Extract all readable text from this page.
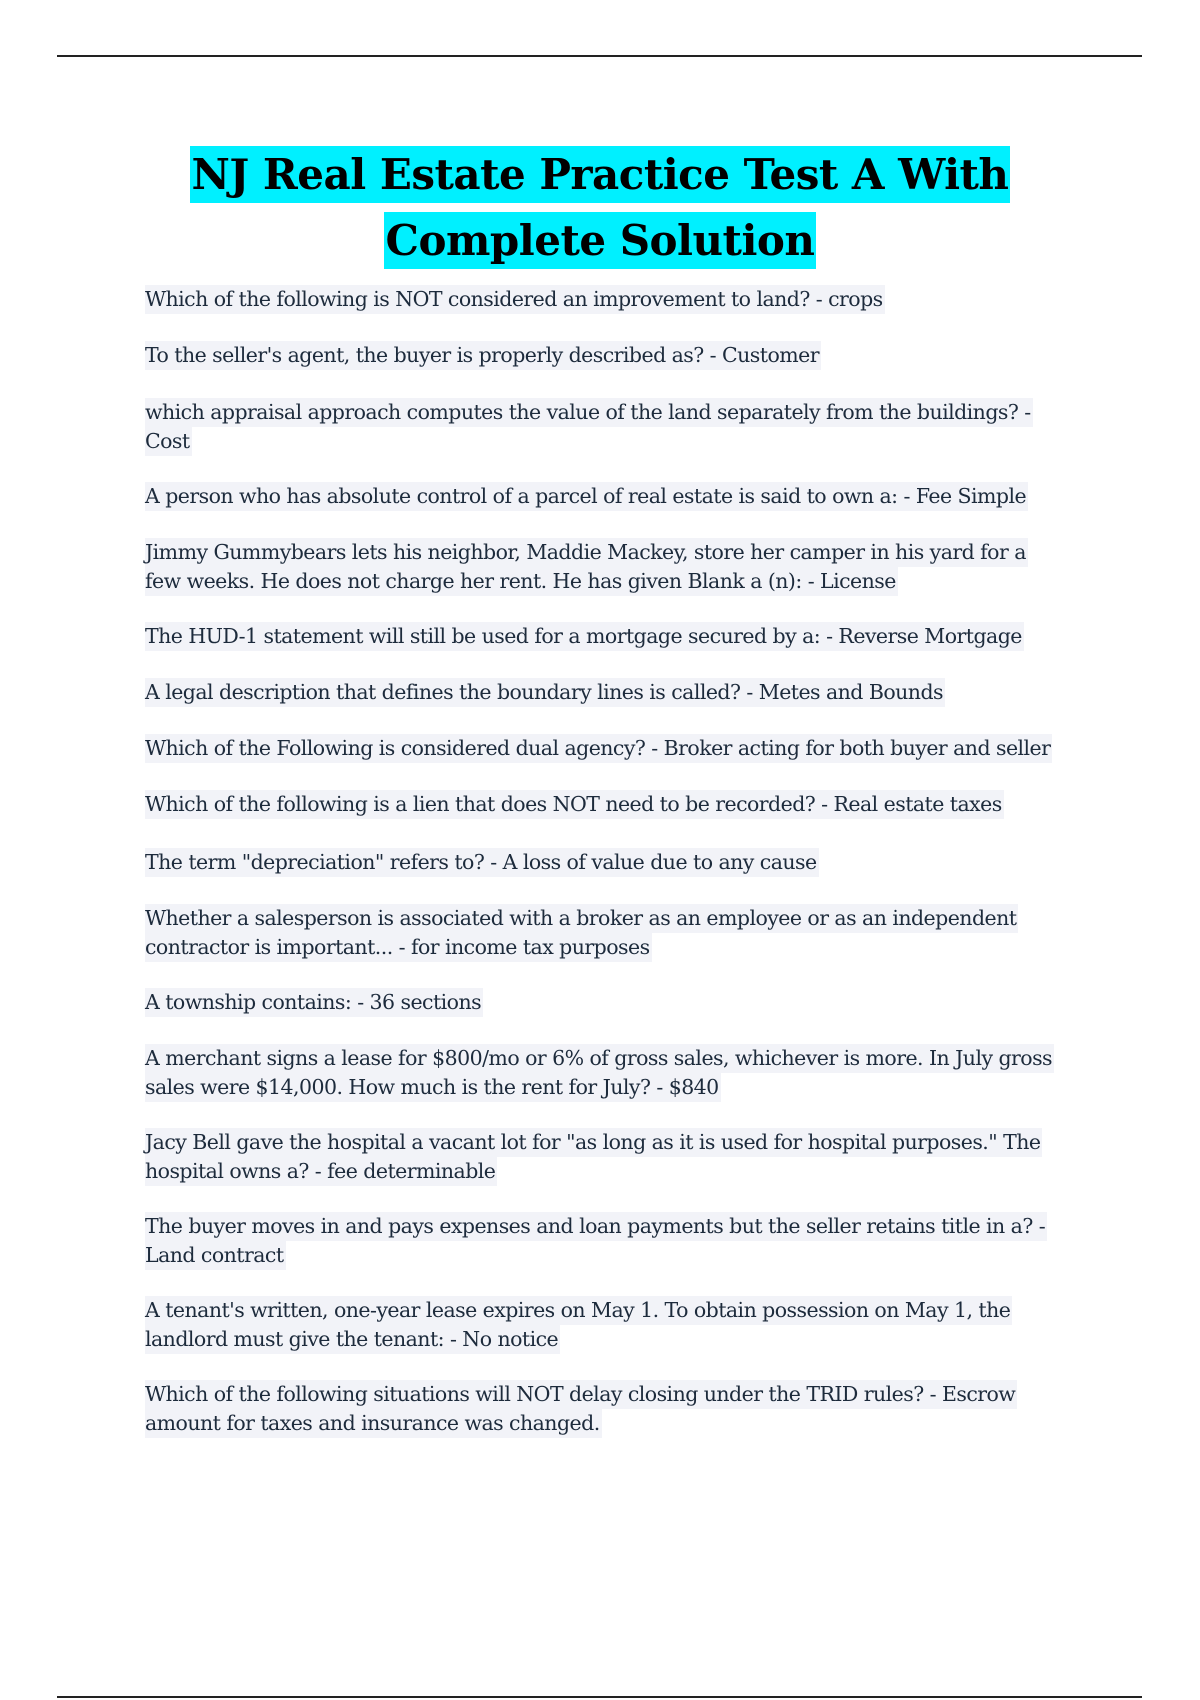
NJ Real Estate Practice Test A With
Complete Solution
Which of the following is NOT considered an improvement to land? - crops
To the seller's agent, the buyer is properly described as? - Customer
which appraisal approach computes the value of the land separately from the buildings? -
Cost
A person who has absolute control of a parcel of real estate is said to own a: - Fee Simple
Jimmy Gummybears lets his neighbor, Maddie Mackey, store her camper in his yard for a
few weeks. He does not charge her rent. He has given Blank a (n): - License
The HUD-1 statement will still be used for a mortgage secured by a: - Reverse Mortgage
A legal description that defines the boundary lines is called? - Metes and Bounds
Which of the Following is considered dual agency? - Broker acting for both buyer and seller
Which of the following is a lien that does NOT need to be recorded? - Real estate taxes
The term "depreciation" refers to? - A loss of value due to any cause
Whether a salesperson is associated with a broker as an employee or as an independent
contractor is important... - for income tax purposes
A township contains: - 36 sections
A merchant signs a lease for $800/mo or 6% of gross sales, whichever is more. In July gross
sales were $14,000. How much is the rent for July? - $840
Jacy Bell gave the hospital a vacant lot for "as long as it is used for hospital purposes." The
hospital owns a? - fee determinable
The buyer moves in and pays expenses and loan payments but the seller retains title in a? -
Land contract
A tenant's written, one-year lease expires on May 1. To obtain possession on May 1, the
landlord must give the tenant: - No notice
Which of the following situations will NOT delay closing under the TRID rules? - Escrow
amount for taxes and insurance was changed.
